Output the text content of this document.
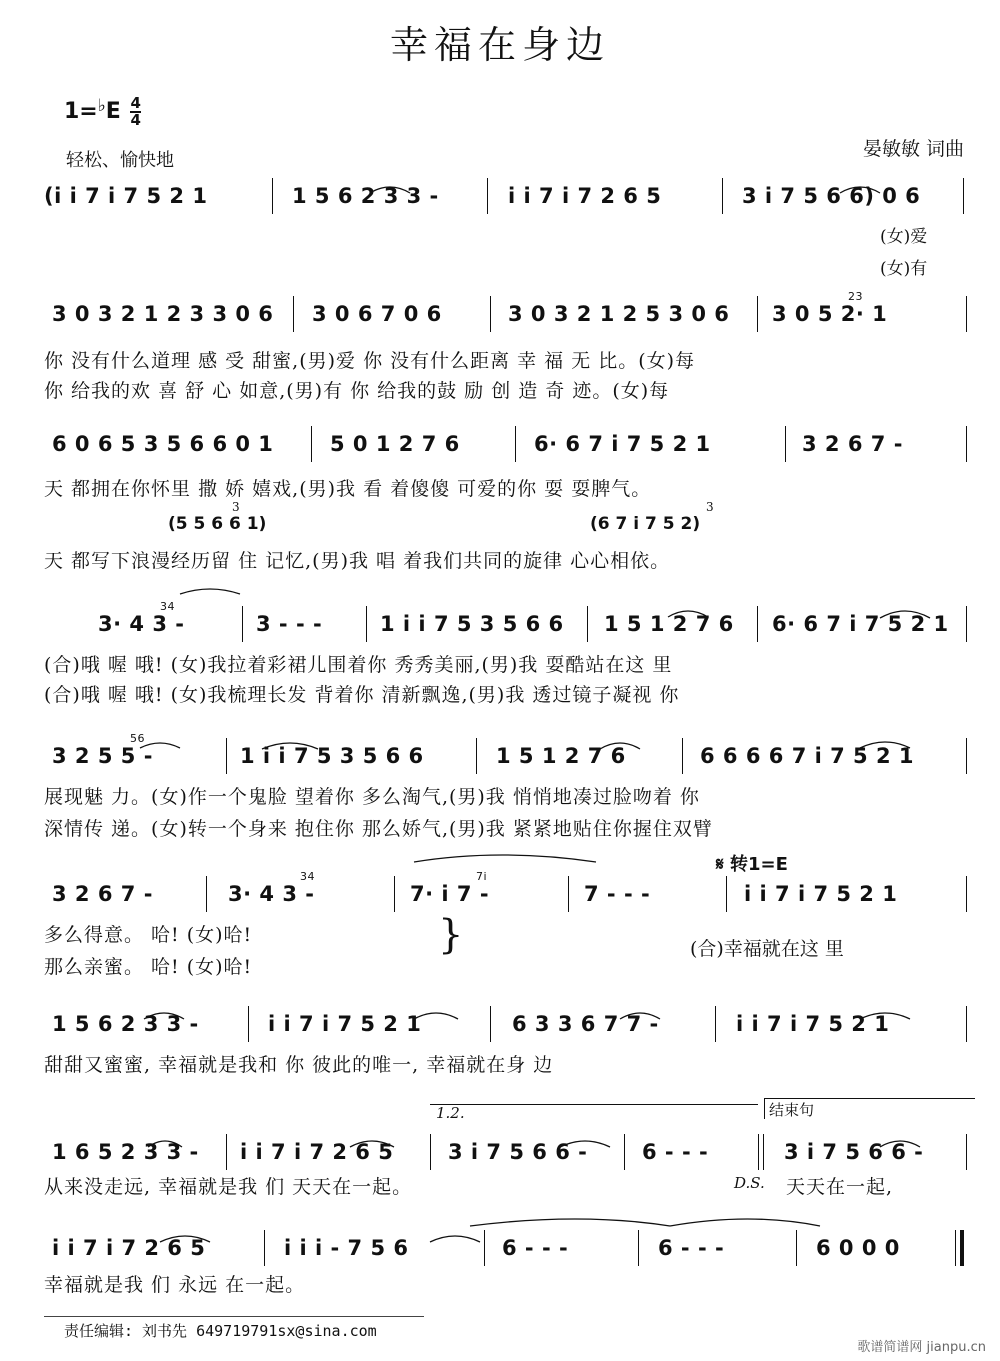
幸福在身边
$1=^♭E \frac{4}{4}$
轻松、愉快地
晏敏敏 词曲
(i i 7 i 7 5 2 1	1 5 6 2 3 3 -	i i 7 i 7 2 6 5	3 i 7 5 6 6) 0 6
(女)爱
(女)有
3 0 3 2 1 2 3 3 0 6 3 0 6 7 0 6	3 0 3 2 1 2 5 3 0 6 3 0 5 2· 1
23
你 没有什么道理 感 受 甜蜜,(男)爱 你 没有什么距离 幸 福 无 比。(女)每
你 给我的欢 喜 舒 心 如意,(男)有 你 给我的鼓 励 创 造 奇 迹。(女)每
6 0 6 5 3 5 6 6 0 1	5 0 1 2 7 6	6· 6 7 i 7 5 2 1	3 2 6 7 -
天 都拥在你怀里 撒 娇 嬉戏,(男)我 看 着傻傻 可爱的你 耍 耍脾气。
(5 5 6 6 1)	(6 7 i 7 5 2)
3	3
天 都写下浪漫经历留 住 记忆,(男)我 唱 着我们共同的旋律 心心相依。
3· 4 3 -
34
3 - - -	1 i i 7 5 3 5 6 6 1 5 1 2 7 6 6· 6 7 i 7 5 2 1
(合)哦 喔 哦! (女)我拉着彩裙儿围着你 秀秀美丽,(男)我 耍酷站在这 里
(合)哦 喔 哦! (女)我梳理长发 背着你 清新飘逸,(男)我 透过镜子凝视 你
3 2 5 5 -
56
1 i i 7 5 3 5 6 6	1 5 1 2 7 6	6 6 6 6 7 i 7 5 2 1
展现魅 力。(女)作一个鬼脸 望着你 多么淘气,(男)我 悄悄地凑过脸吻着 你
深情传 递。(女)转一个身来 抱住你 那么娇气,(男)我 紧紧地贴住你握住双臂
𝄋 转1=E
3 2 6 7 -	3· 4 3 -
34
7· i 7 -
7i
7 - - -	i i 7 i 7 5 2 1
多么得意。 哈! (女)哈!
那么亲蜜。 哈! (女)哈!
}	(合)幸福就在这 里
1 5 6 2 3 3 -	i i 7 i 7 5 2 1	6 3 3 6 7 7 -	i i 7 i 7 5 2 1
甜甜又蜜蜜, 幸福就是我和 你 彼此的唯一, 幸福就在身 边
1.2.	结束句
1 6 5 2 3 3 - i i 7 i 7 2 6 5	3 i 7 5 6 6 -	6 - - -	3 i 7 5 6 6 -
从来没走远, 幸福就是我 们 天天在一起。	D.S. 天天在一起,
i i 7 i 7 2 6 5	i i i - 7 5 6	6 - - -	6 - - -	6 0 0 0
幸福就是我 们 永远 在一起。
责任编辑: 刘书先 649719791sx@sina.com
歌谱简谱网 jianpu.cn
